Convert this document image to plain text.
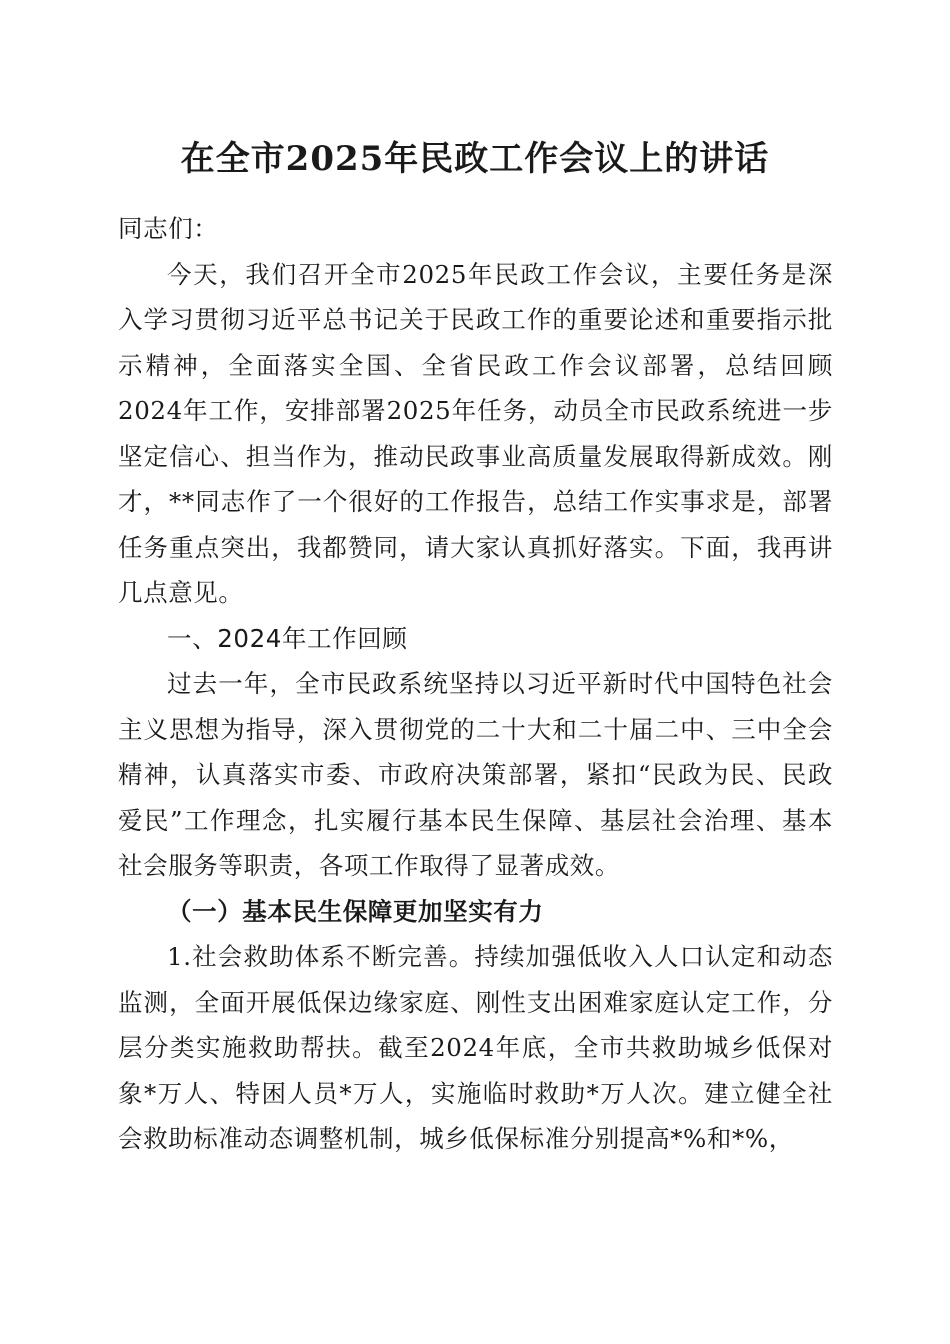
在全市2025年民政工作会议上的讲话

同志们：

今天，我们召开全市2025年民政工作会议，主要任务是深入学习贯彻习近平总书记关于民政工作的重要论述和重要指示批示精神，全面落实全国、全省民政工作会议部署，总结回顾2024年工作，安排部署2025年任务，动员全市民政系统进一步坚定信心、担当作为，推动民政事业高质量发展取得新成效。刚才，**同志作了一个很好的工作报告，总结工作实事求是，部署任务重点突出，我都赞同，请大家认真抓好落实。下面，我再讲几点意见。

一、2024年工作回顾

过去一年，全市民政系统坚持以习近平新时代中国特色社会主义思想为指导，深入贯彻党的二十大和二十届二中、三中全会精神，认真落实市委、市政府决策部署，紧扣“民政为民、民政爱民”工作理念，扎实履行基本民生保障、基层社会治理、基本社会服务等职责，各项工作取得了显著成效。

（一）基本民生保障更加坚实有力

1.社会救助体系不断完善。持续加强低收入人口认定和动态监测，全面开展低保边缘家庭、刚性支出困难家庭认定工作，分层分类实施救助帮扶。截至2024年底，全市共救助城乡低保对象*万人、特困人员*万人，实施临时救助*万人次。建立健全社会救助标准动态调整机制，城乡低保标准分别提高*%和*%，
